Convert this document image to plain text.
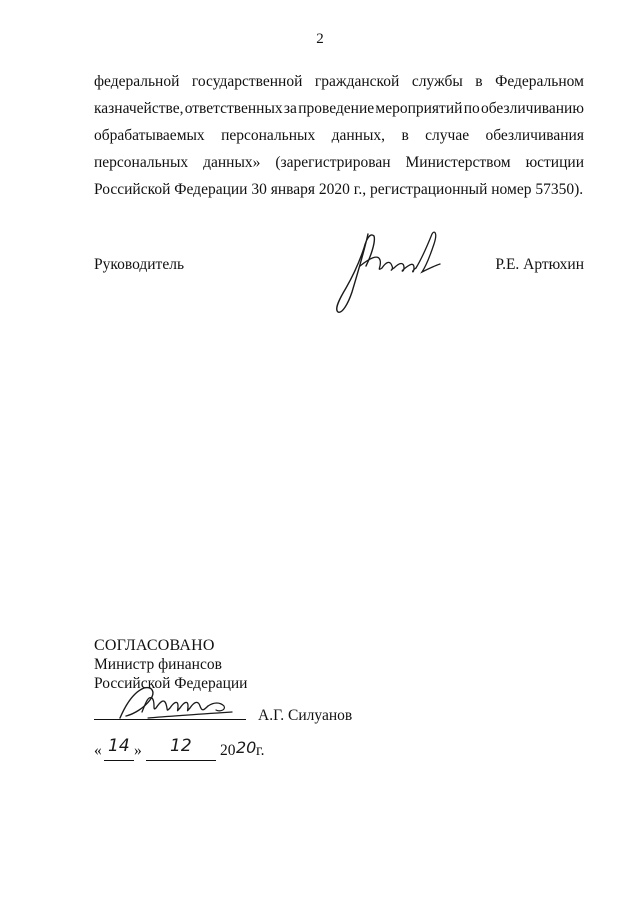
2
федеральной государственной гражданской службы в Федеральном
казначействе, ответственных за проведение мероприятий по обезличиванию
обрабатываемых персональных данных, в случае обезличивания
персональных данных» (зарегистрирован Министерством юстиции
Российской Федерации 30 января 2020 г., регистрационный номер 57350).
Руководитель	Р.Е. Артюхин
СОГЛАСОВАНО
Министр финансов
Российской Федерации
А.Г. Силуанов
« 14 » 12 20 20 г.
